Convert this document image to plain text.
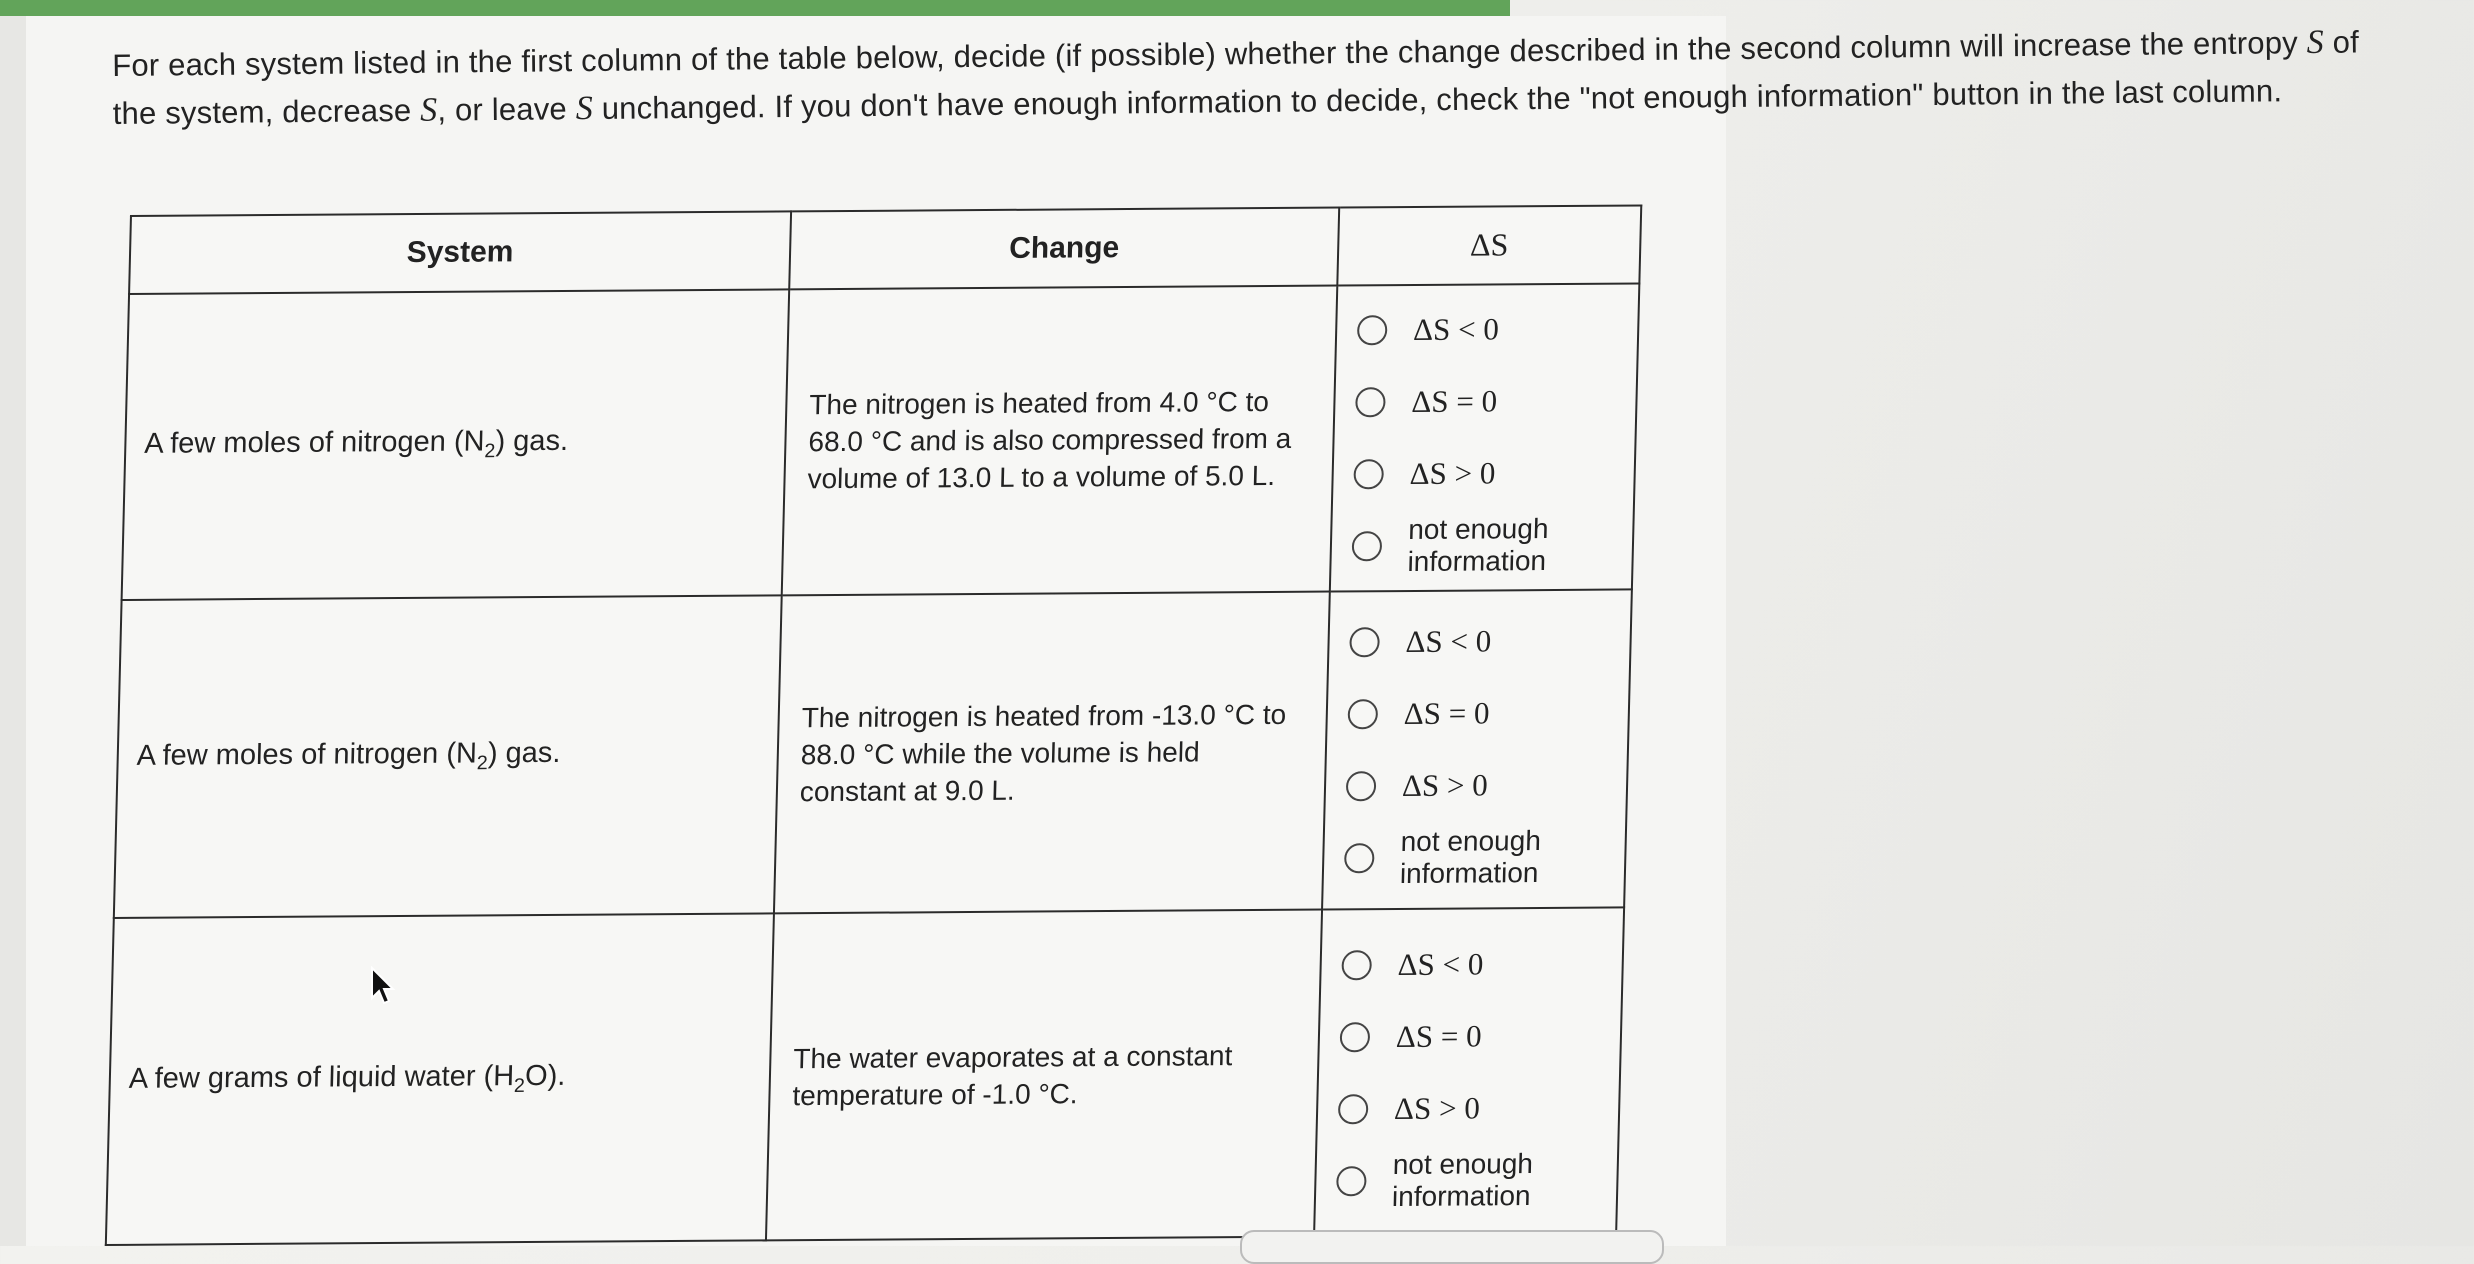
For each system listed in the first column of the table below, decide (if possible) whether the change described in the second column will increase the entropy S of the system, decrease S, or leave S unchanged. If you don't have enough information to decide, check the "not enough information" button in the last column.
System	Change	ΔS
A few moles of nitrogen $(N_2)$ gas.	The nitrogen is heated from 4.0 °C to 68.0 °C and is also compressed from a volume of 13.0 L to a volume of 5.0 L.	ΔS < 0
ΔS = 0
ΔS > 0
not enough
information

A few moles of nitrogen $(N_2)$ gas.	The nitrogen is heated from -13.0 °C to 88.0 °C while the volume is held constant at 9.0 L.	ΔS < 0
ΔS = 0
ΔS > 0
not enough
information

A few grams of liquid water $(H_2O)$.	The water evaporates at a constant temperature of -1.0 °C.	ΔS < 0
ΔS = 0
ΔS > 0
not enough
information
